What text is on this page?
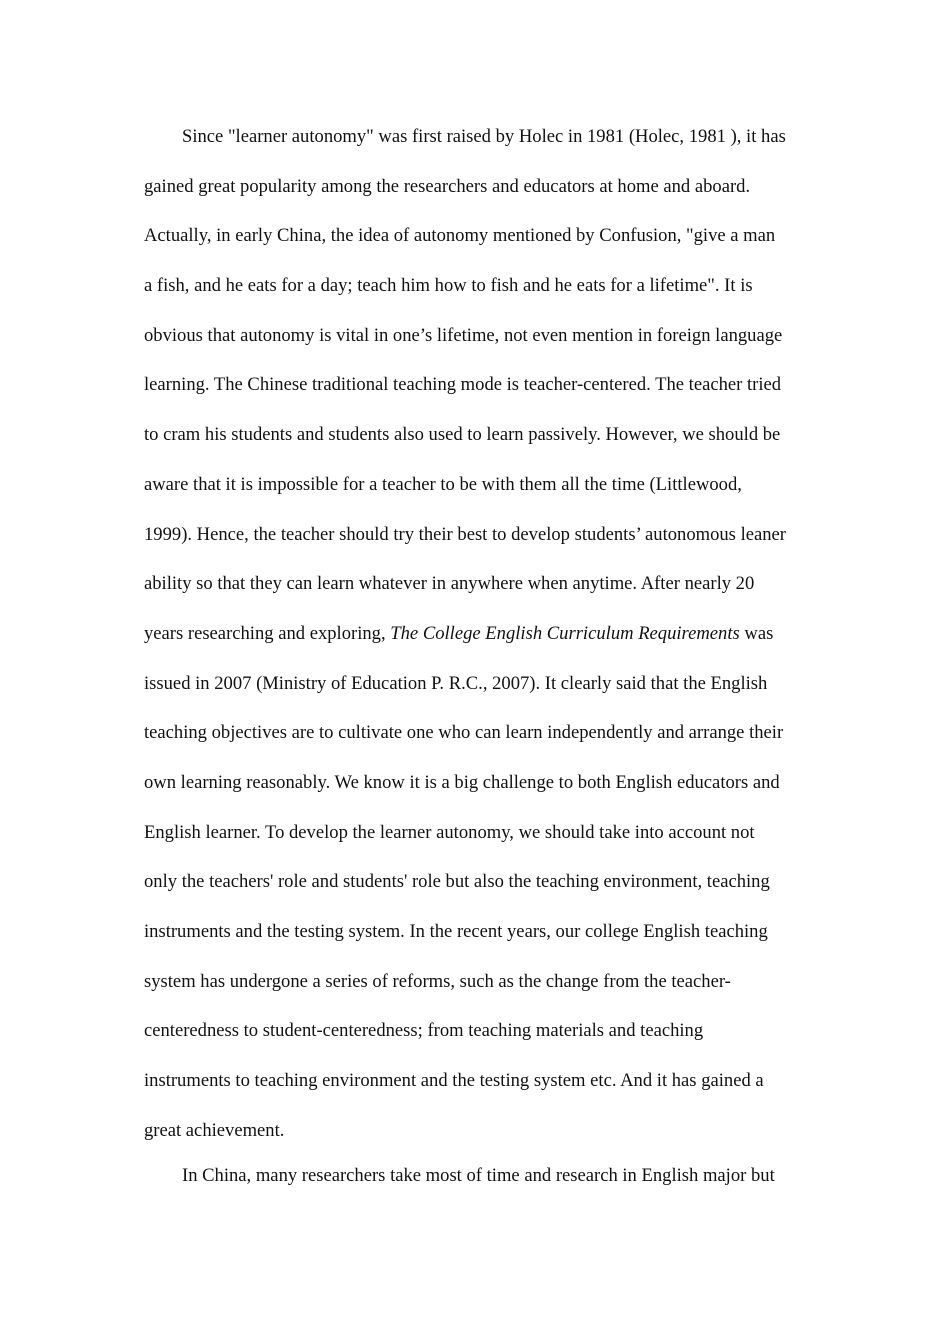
Since "learner autonomy" was first raised by Holec in 1981 (Holec, 1981 ), it has
gained great popularity among the researchers and educators at home and aboard.
Actually, in early China, the idea of autonomy mentioned by Confusion, "give a man
a fish, and he eats for a day; teach him how to fish and he eats for a lifetime". It is
obvious that autonomy is vital in one’s lifetime, not even mention in foreign language
learning. The Chinese traditional teaching mode is teacher-centered. The teacher tried
to cram his students and students also used to learn passively. However, we should be
aware that it is impossible for a teacher to be with them all the time (Littlewood,
1999). Hence, the teacher should try their best to develop students’ autonomous leaner
ability so that they can learn whatever in anywhere when anytime. After nearly 20
years researching and exploring, The College English Curriculum Requirements was
issued in 2007 (Ministry of Education P. R.C., 2007). It clearly said that the English
teaching objectives are to cultivate one who can learn independently and arrange their
own learning reasonably. We know it is a big challenge to both English educators and
English learner. To develop the learner autonomy, we should take into account not
only the teachers' role and students' role but also the teaching environment, teaching
instruments and the testing system. In the recent years, our college English teaching
system has undergone a series of reforms, such as the change from the teacher-
centeredness to student-centeredness; from teaching materials and teaching
instruments to teaching environment and the testing system etc. And it has gained a
great achievement.
In China, many researchers take most of time and research in English major but
